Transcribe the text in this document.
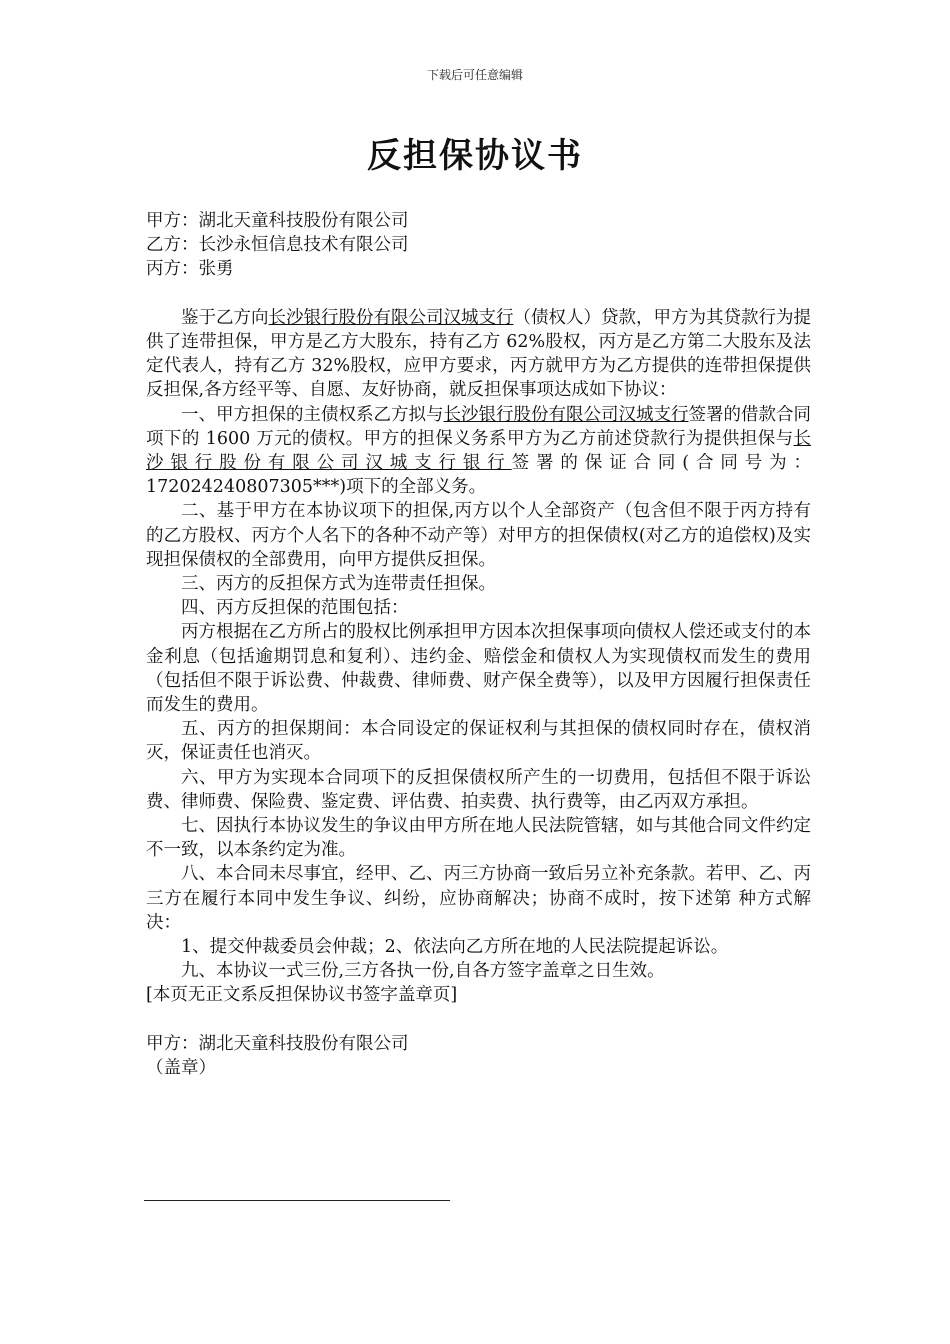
下载后可任意编辑
反担保协议书
甲方：湖北天童科技股份有限公司
乙方：长沙永恒信息技术有限公司
丙方：张勇
鉴于乙方向长沙银行股份有限公司汉城支行（债权人）贷款，甲方为其贷款行为提供了连带担保，甲方是乙方大股东，持有乙方 62%股权，丙方是乙方第二大股东及法定代表人，持有乙方 32%股权，应甲方要求，丙方就甲方为乙方提供的连带担保提供反担保,各方经平等、自愿、友好协商，就反担保事项达成如下协议：
一、甲方担保的主债权系乙方拟与长沙银行股份有限公司汉城支行签署的借款合同项下的 1600 万元的债权。甲方的担保义务系甲方为乙方前述贷款行为提供担保与长沙银行股份有限公司汉城支行银行签署的保证合同(合同号为：172024240807305***)项下的全部义务。
二、基于甲方在本协议项下的担保,丙方以个人全部资产（包含但不限于丙方持有的乙方股权、丙方个人名下的各种不动产等）对甲方的担保债权(对乙方的追偿权)及实现担保债权的全部费用，向甲方提供反担保。
三、丙方的反担保方式为连带责任担保。
四、丙方反担保的范围包括：
丙方根据在乙方所占的股权比例承担甲方因本次担保事项向债权人偿还或支付的本金利息（包括逾期罚息和复利）、违约金、赔偿金和债权人为实现债权而发生的费用（包括但不限于诉讼费、仲裁费、律师费、财产保全费等），以及甲方因履行担保责任而发生的费用。
五、丙方的担保期间：本合同设定的保证权利与其担保的债权同时存在，债权消灭，保证责任也消灭。
六、甲方为实现本合同项下的反担保债权所产生的一切费用，包括但不限于诉讼费、律师费、保险费、鉴定费、评估费、拍卖费、执行费等，由乙丙双方承担。
七、因执行本协议发生的争议由甲方所在地人民法院管辖，如与其他合同文件约定不一致，以本条约定为准。
八、本合同未尽事宜，经甲、乙、丙三方协商一致后另立补充条款。若甲、乙、丙三方在履行本同中发生争议、纠纷，应协商解决；协商不成时，按下述第 种方式解决：
1、提交仲裁委员会仲裁；2、依法向乙方所在地的人民法院提起诉讼。
九、本协议一式三份,三方各执一份,自各方签字盖章之日生效。
[本页无正文系反担保协议书签字盖章页]
甲方：湖北天童科技股份有限公司
（盖章）
